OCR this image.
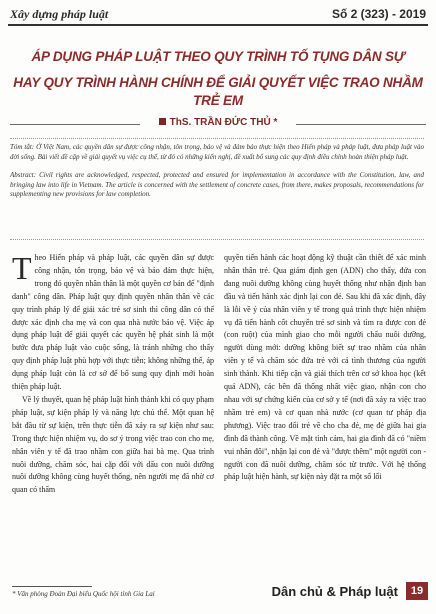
Xây dựng pháp luật	Số 2 (323) - 2019
ÁP DỤNG PHÁP LUẬT THEO QUY TRÌNH TỐ TỤNG DÂN SỰ
HAY QUY TRÌNH HÀNH CHÍNH ĐỂ GIẢI QUYẾT VIỆC TRAO NHẦM TRẺ EM
ThS. TRẦN ĐỨC THỦ *

Tóm tắt: Ở Việt Nam, các quyền dân sự được công nhận, tôn trọng, bảo vệ và đảm bảo thực hiện theo Hiến pháp và pháp luật, đưa pháp luật vào đời sống. Bài viết đề cập về giải quyết vụ việc cụ thể, từ đó có những kiến nghị, đề xuất bổ sung các quy định điều chỉnh hoàn thiện pháp luật.

Abstract: Civil rights are acknowledged, respected, protected and ensured for implementation in accordance with the Constitution, law, and bringing law into life in Vietnam. The article is concerned with the settlement of concrete cases, from there, makes proposals, recommendations for supplementing new provisions for law completion.

Theo Hiến pháp và pháp luật, các quyền dân sự được công nhận, tôn trọng, bảo vệ và bảo đảm thực hiện, trong đó quyền nhân thân là một quyền cơ bản để "định danh" công dân. Pháp luật quy định quyền nhân thân về các quy trình pháp lý để giải xác trẻ sơ sinh thì công dân có thể được xác định cha mẹ và con qua nhà nước bảo vệ. Việc áp dụng pháp luật để giải quyết các quyền hệ phát sinh là một bước đưa pháp luật vào cuộc sống, là tránh những cho thấy quy định pháp luật phù hợp với thực tiễn; không những thế, áp dụng pháp luật còn là cơ sở để bổ sung quy định mới hoàn thiện pháp luật.

Về lý thuyết, quan hệ pháp luật hình thành khi có quy phạm pháp luật, sự kiện pháp lý và năng lực chủ thể. Một quan hệ bắt đầu từ sự kiện, trên thực tiễn đã xảy ra sự kiện như sau: Trong thực hiện nhiệm vụ, do sơ ý trong việc trao con cho mẹ, nhân viên y tế đã trao nhầm con giữa hai bà mẹ. Qua trình nuôi dưỡng, chăm sóc, hai cặp đối với dấu con nuôi dưỡng nuôi dưỡng không cùng huyết thống, nên người mẹ đã nhờ cơ quan có thẩm

quyền tiến hành các hoạt động kỹ thuật cần thiết để xác minh nhân thân trẻ. Qua giám định gen (ADN) cho thấy, đứa con đang nuôi dưỡng không cùng huyết thống như nhận định ban đầu và tiến hành xác định lại con đẻ. Sau khi đã xác định, đây là lỗi về ý của nhân viên y tế trong quá trình thực hiện nhiệm vụ đã tiến hành cốt chuyển trẻ sơ sinh và tìm ra được con đẻ (con ruột) của mình giao cho mỗi người chấu nuôi dưỡng, người dùng mới: dưỡng không biết sự trao nhầm của nhân viên y tế và chăm sóc đứa trẻ với cả tình thương của người sinh thành. Khi tiếp cận và giải thích trên cơ sở khoa học (kết quả ADN), các bên đã thống nhất việc giao, nhận con cho nhau với sự chứng kiến của cơ sở y tế (nơi đã xảy ra việc trao nhầm trẻ em) và cơ quan nhà nước (cơ quan tư pháp địa phương). Việc trao đổi trẻ về cho cha đẻ, mẹ đẻ giữa hai gia đình đã thành công. Về mặt tình cảm, hai gia đình đã có "niềm vui nhân đôi", nhận lại con đẻ và "được thêm" một người con - người con đã nuôi dưỡng, chăm sóc từ trước. Với hệ thống pháp luật hiện hành, sự kiện này đặt ra một số lối

* Văn phòng Đoàn Đại biểu Quốc hội tỉnh Gia Lai	Dân chủ & Pháp luật	19
